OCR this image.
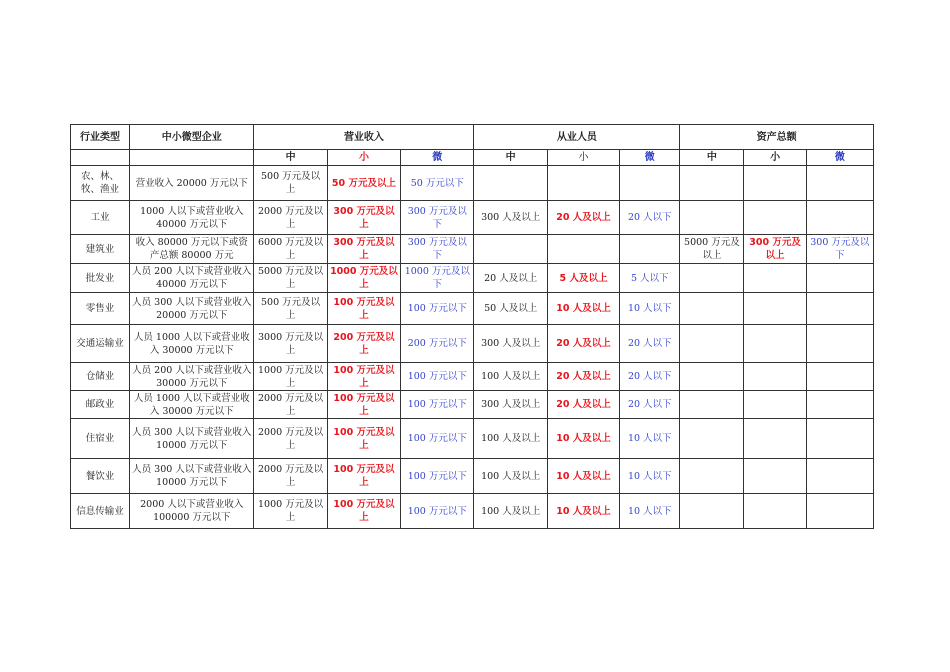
行业类型	中小微型企业	营业收入			从业人员			资产总额		
		中	小	微	中	小	微	中	小	微
农、林、牧、渔业	营业收入 20000 万元以下	500 万元及以上	50 万元及以上	50 万元以下						
工业	1000 人以下或营业收入 40000 万元以下	2000 万元及以上	300 万元及以上	300 万元及以下	300 人及以上	20 人及以上	20 人以下			
建筑业	收入 80000 万元以下或资产总额 80000 万元	6000 万元及以上	300 万元及以上	300 万元及以下				5000 万元及以上	300 万元及以上	300 万元及以下
批发业	人员 200 人以下或营业收入 40000 万元以下	5000 万元及以上	1000 万元及以上	1000 万元及以下	20 人及以上	5 人及以上	5 人以下			
零售业	人员 300 人以下或营业收入 20000 万元以下	500 万元及以上	100 万元及以上	100 万元以下	50 人及以上	10 人及以上	10 人以下			
交通运输业	人员 1000 人以下或营业收入 30000 万元以下	3000 万元及以上	200 万元及以上	200 万元以下	300 人及以上	20 人及以上	20 人以下			
仓储业	人员 200 人以下或营业收入 30000 万元以下	1000 万元及以上	100 万元及以上	100 万元以下	100 人及以上	20 人及以上	20 人以下			
邮政业	人员 1000 人以下或营业收入 30000 万元以下	2000 万元及以上	100 万元及以上	100 万元以下	300 人及以上	20 人及以上	20 人以下			
住宿业	人员 300 人以下或营业收入 10000 万元以下	2000 万元及以上	100 万元及以上	100 万元以下	100 人及以上	10 人及以上	10 人以下			
餐饮业	人员 300 人以下或营业收入 10000 万元以下	2000 万元及以上	100 万元及以上	100 万元以下	100 人及以上	10 人及以上	10 人以下			
信息传输业	2000 人以下或营业收入 100000 万元以下	1000 万元及以上	100 万元及以上	100 万元以下	100 人及以上	10 人及以上	10 人以下			
